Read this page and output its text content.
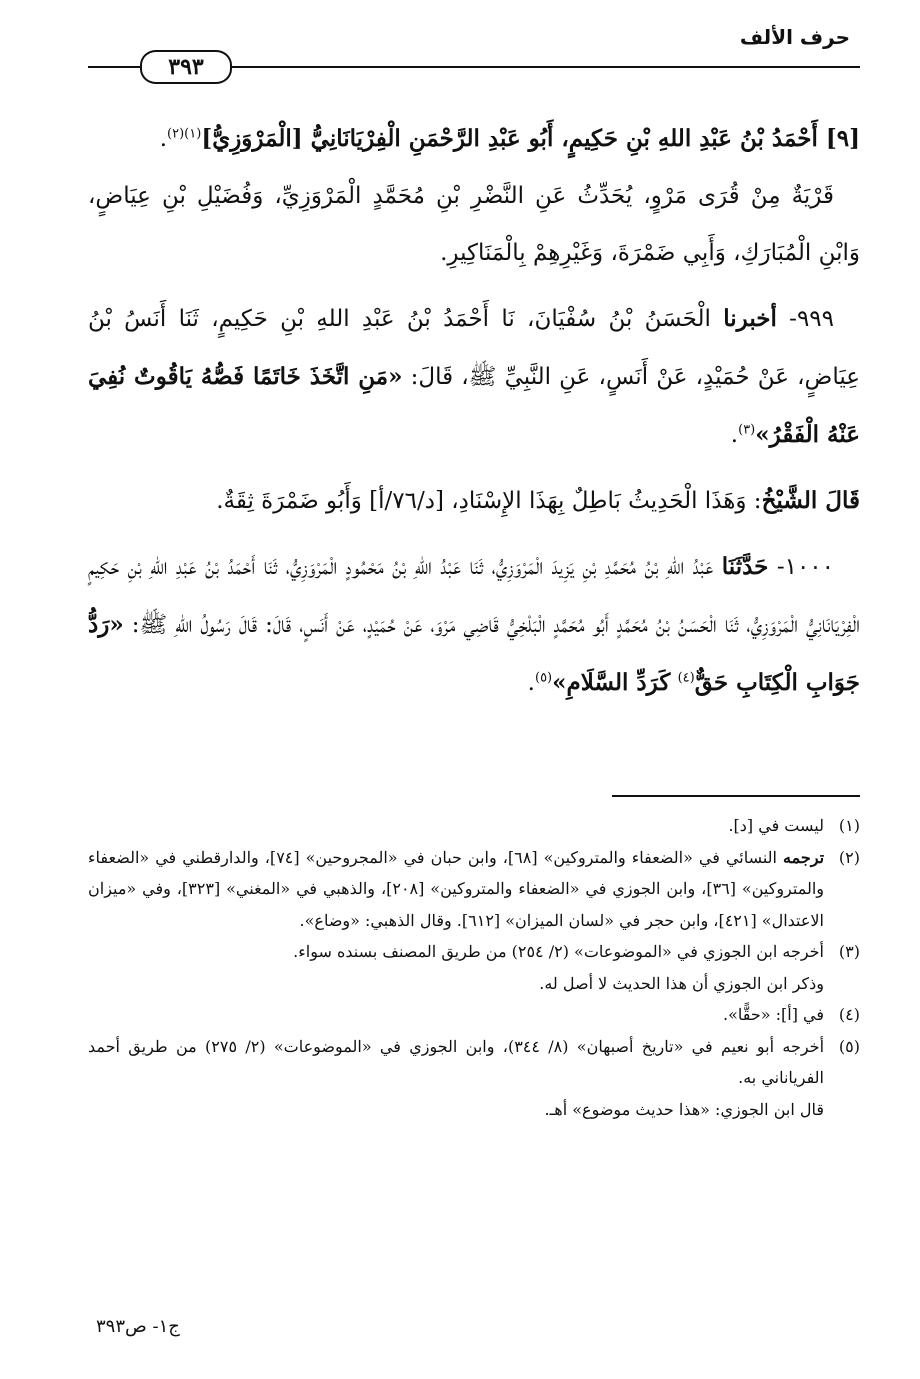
حرف الألف
٣٩٣

[٩] أَحْمَدُ بْنُ عَبْدِ اللهِ بْنِ حَكِيمٍ، أَبُو عَبْدِ الرَّحْمَنِ الْفِرْيَانَانِيُّ [الْمَرْوَزِيُّ]$^{(١)(٢)}$.

قَرْيَةٌ مِنْ قُرَى مَرْوٍ، يُحَدِّثُ عَنِ النَّضْرِ بْنِ مُحَمَّدٍ الْمَرْوَزِيِّ، وَفُضَيْلِ بْنِ عِيَاضٍ، وَابْنِ الْمُبَارَكِ، وَأَبِي ضَمْرَةَ، وَغَيْرِهِمْ بِالْمَنَاكِيرِ.

٩٩٩- أخبرنا الْحَسَنُ بْنُ سُفْيَانَ، نَا أَحْمَدُ بْنُ عَبْدِ اللهِ بْنِ حَكِيمٍ، ثَنَا أَنَسُ بْنُ عِيَاضٍ، عَنْ حُمَيْدٍ، عَنْ أَنَسٍ، عَنِ النَّبِيِّ ﷺ، قَالَ: «مَنِ اتَّخَذَ خَاتَمًا فَصُّهُ يَاقُوتٌ نُفِيَ عَنْهُ الْفَقْرُ»$^{(٣)}$.

قَالَ الشَّيْخُ: وَهَذَا الْحَدِيثُ بَاطِلٌ بِهَذَا الإِسْنَادِ، [د/٧٦/أ] وَأَبُو ضَمْرَةَ ثِقَةٌ.

١٠٠٠- حَدَّثَنَا عَبْدُ اللهِ بْنُ مُحَمَّدِ بْنِ يَزِيدَ الْمَرْوَزِيُّ، ثَنَا عَبْدُ اللهِ بْنُ مَحْمُودٍ الْمَرْوَزِيُّ، ثَنَا أَحْمَدُ بْنُ عَبْدِ اللهِ بْنِ حَكِيمٍ الْفِرْيَانَانِيُّ الْمَرْوَزِيُّ، ثَنَا الْحَسَنُ بْنُ مُحَمَّدٍ أَبُو مُحَمَّدٍ الْبَلْخِيُّ قَاضِي مَرْوَ، عَنْ حُمَيْدٍ، عَنْ أَنَسٍ، قَالَ: قَالَ رَسُولُ اللهِ ﷺ: «رَدُّ جَوَابِ الْكِتَابِ حَقٌّ$^{(٤)}$ كَرَدِّ السَّلَامِ»$^{(٥)}$.

(١)

ليست في [د].

(٢)

ترجمه النسائي في «الضعفاء والمتروكين» [٦٨]، وابن حبان في «المجروحين» [٧٤]، والدارقطني في «الضعفاء والمتروكين» [٣٦]، وابن الجوزي في «الضعفاء والمتروكين» [٢٠٨]، والذهبي في «المغني» [٣٢٣]، وفي «ميزان الاعتدال» [٤٢١]، وابن حجر في «لسان الميزان» [٦١٢]. وقال الذهبي: «وضاع».

(٣)

أخرجه ابن الجوزي في «الموضوعات» (٢/ ٢٥٤) من طريق المصنف بسنده سواء.

وذكر ابن الجوزي أن هذا الحديث لا أصل له.

(٤)

في [أ]: «حقًّا».

(٥)

أخرجه أبو نعيم في «تاريخ أصبهان» (٨/ ٣٤٤)، وابن الجوزي في «الموضوعات» (٢/ ٢٧٥) من طريق أحمد الفرياناني به.

قال ابن الجوزي: «هذا حديث موضوع» أهـ.

ج١- ص٣٩٣
